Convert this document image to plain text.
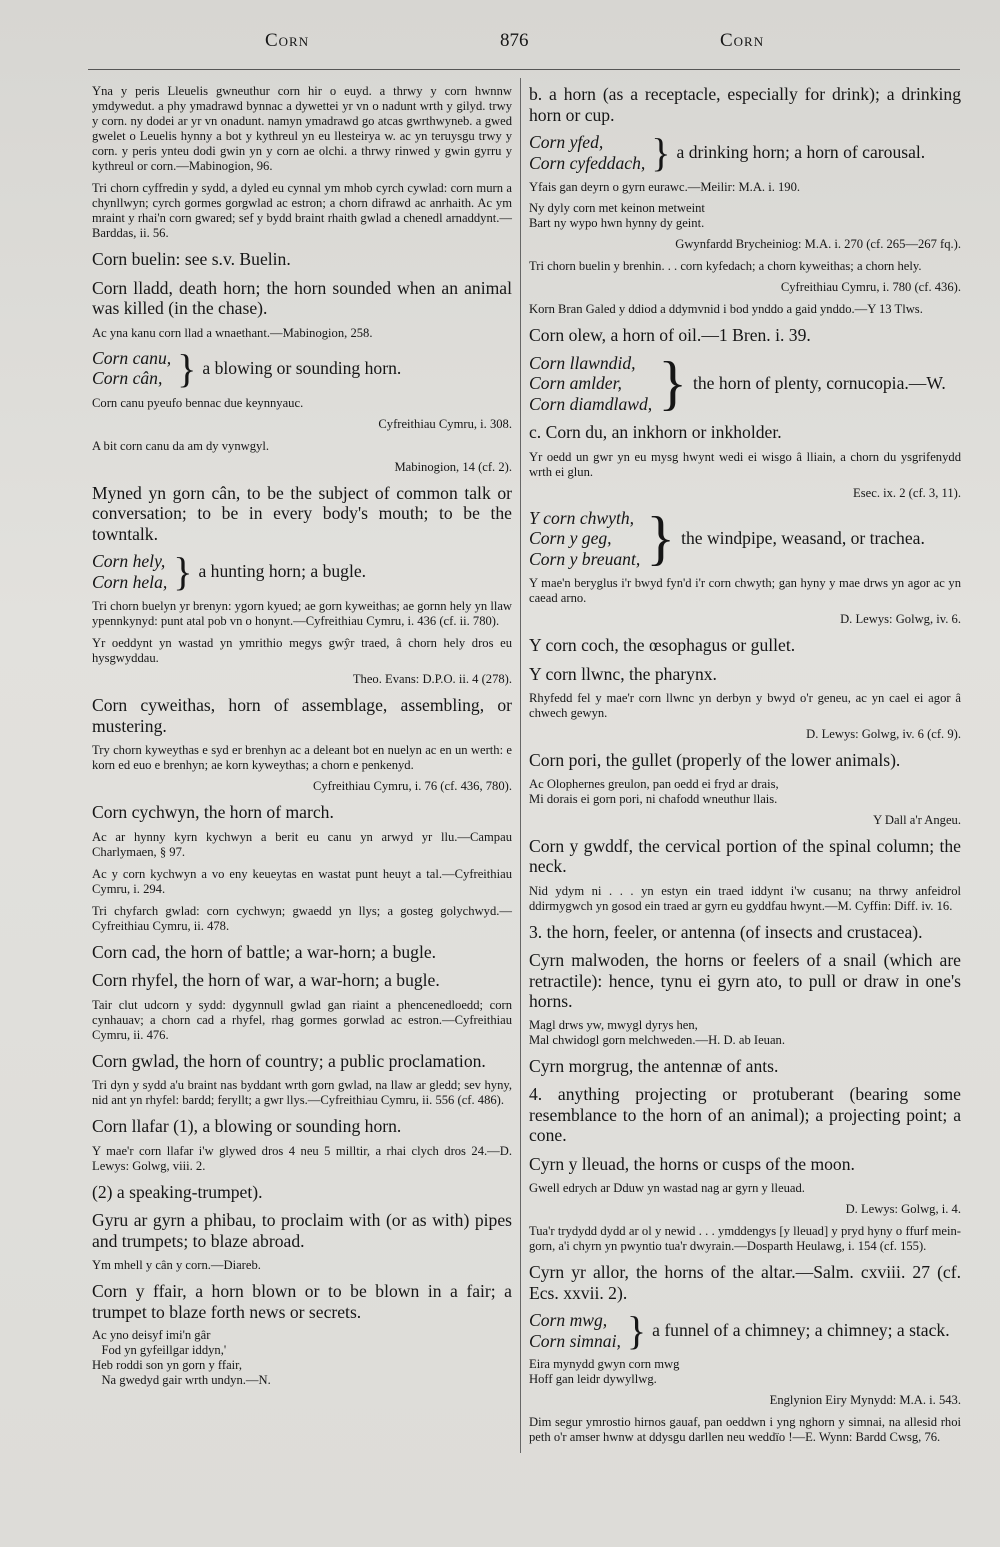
Corn	876	Corn
Yna y peris Lleuelis gwneuthur corn hir o euyd. a thrwy y corn hwnnw ymdywedut. a phy ymadrawd bynnac a dywettei yr vn o nadunt wrth y gilyd. trwy y corn. ny dodei ar yr vn onadunt. namyn ymadrawd go atcas gwrthwyneb. a gwed gwelet o Leuelis hynny a bot y kythreul yn eu llesteirya w. ac yn teruysgu trwy y corn. y peris ynteu dodi gwin yn y corn ae olchi. a thrwy rinwed y gwin gyrru y kythreul or corn.—Mabinogion, 96.
Tri chorn cyffredin y sydd, a dyled eu cynnal ym mhob cyrch cywlad: corn murn a chynllwyn; cyrch gormes gorgwlad ac estron; a chorn difrawd ac anrhaith. Ac ym mraint y rhai'n corn gwared; sef y bydd braint rhaith gwlad a chenedl arnaddynt.—Barddas, ii. 56.
Corn buelin: see s.v. Buelin.
Corn lladd, death horn; the horn sounded when an animal was killed (in the chase).
Ac yna kanu corn llad a wnaethant.—Mabinogion, 258.
Corn canu,
Corn cân, } a blowing or sounding horn.
Corn canu pyeufo bennac due keynnyauc.
Cyfreithiau Cymru, i. 308.
A bit corn canu da am dy vynwgyl.
Mabinogion, 14 (cf. 2).
Myned yn gorn cân, to be the subject of common talk or conversation; to be in every body's mouth; to be the towntalk.
Corn hely,
Corn hela, } a hunting horn; a bugle.
Tri chorn buelyn yr brenyn: ygorn kyued; ae gorn kyweithas; ae gornn hely yn llaw ypennkynyd: punt atal pob vn o honynt.—Cyfreithiau Cymru, i. 436 (cf. ii. 780).
Yr oeddynt yn wastad yn ymrithio megys gwŷr traed, â chorn hely dros eu hysgwyddau.
Theo. Evans: D.P.O. ii. 4 (278).
Corn cyweithas, horn of assemblage, assembling, or mustering.
Try chorn kyweythas e syd er brenhyn ac a deleant bot en nuelyn ac en un werth: e korn ed euo e brenhyn; ae korn kyweythas; a chorn e penkenyd.
Cyfreithiau Cymru, i. 76 (cf. 436, 780).
Corn cychwyn, the horn of march.
Ac ar hynny kyrn kychwyn a berit eu canu yn arwyd yr llu.—Campau Charlymaen, § 97.
Ac y corn kychwyn a vo eny keueytas en wastat punt heuyt a tal.—Cyfreithiau Cymru, i. 294.
Tri chyfarch gwlad: corn cychwyn; gwaedd yn llys; a gosteg golychwyd.—Cyfreithiau Cymru, ii. 478.
Corn cad, the horn of battle; a war-horn; a bugle.
Corn rhyfel, the horn of war, a war-horn; a bugle.
Tair clut udcorn y sydd: dygynnull gwlad gan riaint a phencenedloedd; corn cynhauav; a chorn cad a rhyfel, rhag gormes gorwlad ac estron.—Cyfreithiau Cymru, ii. 476.
Corn gwlad, the horn of country; a public proclamation.
Tri dyn y sydd a'u braint nas byddant wrth gorn gwlad, na llaw ar gledd; sev hyny, nid ant yn rhyfel: bardd; feryllt; a gwr llys.—Cyfreithiau Cymru, ii. 556 (cf. 486).
Corn llafar (1), a blowing or sounding horn.
Y mae'r corn llafar i'w glywed dros 4 neu 5 milltir, a rhai clych dros 24.—D. Lewys: Golwg, viii. 2.
(2) a speaking-trumpet).
Gyru ar gyrn a phibau, to proclaim with (or as with) pipes and trumpets; to blaze abroad.
Ym mhell y cân y corn.—Diareb.
Corn y ffair, a horn blown or to be blown in a fair; a trumpet to blaze forth news or secrets.
Ac yno deisyf imi'n gâr
Fod yn gyfeillgar iddyn,'
Heb roddi son yn gorn y ffair,
Na gwedyd gair wrth undyn.—N.
b. a horn (as a receptacle, especially for drink); a drinking horn or cup.
Corn yfed,
Corn cyfeddach, } a drinking horn; a horn of carousal.
Yfais gan deyrn o gyrn eurawc.—Meilir: M.A. i. 190.
Ny dyly corn met keinon metweint
Bart ny wypo hwn hynny dy geint.
Gwynfardd Brycheiniog: M.A. i. 270 (cf. 265—267 fq.).
Tri chorn buelin y brenhin. . . corn kyfedach; a chorn kyweithas; a chorn hely.
Cyfreithiau Cymru, i. 780 (cf. 436).
Korn Bran Galed y ddiod a ddymvnid i bod ynddo a gaid ynddo.—Y 13 Tlws.
Corn olew, a horn of oil.—1 Bren. i. 39.
Corn llawndid,
Corn amlder,
Corn diamdlawd, } the horn of plenty, cornucopia.—W.
c. Corn du, an inkhorn or inkholder.
Yr oedd un gwr yn eu mysg hwynt wedi ei wisgo â lliain, a chorn du ysgrifenydd wrth ei glun.
Esec. ix. 2 (cf. 3, 11).
Y corn chwyth,
Corn y geg,
Corn y breuant, } the windpipe, weasand, or trachea.
Y mae'n beryglus i'r bwyd fyn'd i'r corn chwyth; gan hyny y mae drws yn agor ac yn caead arno.
D. Lewys: Golwg, iv. 6.
Y corn coch, the œsophagus or gullet.
Y corn llwnc, the pharynx.
Rhyfedd fel y mae'r corn llwnc yn derbyn y bwyd o'r geneu, ac yn cael ei agor â chwech gewyn.
D. Lewys: Golwg, iv. 6 (cf. 9).
Corn pori, the gullet (properly of the lower animals).
Ac Olophernes greulon, pan oedd ei fryd ar drais,
Mi dorais ei gorn pori, ni chafodd wneuthur llais.
Y Dall a'r Angeu.
Corn y gwddf, the cervical portion of the spinal column; the neck.
Nid ydym ni . . . yn estyn ein traed iddynt i'w cusanu; na thrwy anfeidrol ddirmygwch yn gosod ein traed ar gyrn eu gyddfau hwynt.—M. Cyffin: Diff. iv. 16.
3. the horn, feeler, or antenna (of insects and crustacea).
Cyrn malwoden, the horns or feelers of a snail (which are retractile): hence, tynu ei gyrn ato, to pull or draw in one's horns.
Magl drws yw, mwygl dyrys hen,
Mal chwidogl gorn melchweden.—H. D. ab Ieuan.
Cyrn morgrug, the antennæ of ants.
4. anything projecting or protuberant (bearing some resemblance to the horn of an animal); a projecting point; a cone.
Cyrn y lleuad, the horns or cusps of the moon.
Gwell edrych ar Dduw yn wastad nag ar gyrn y lleuad.
D. Lewys: Golwg, i. 4.
Tua'r trydydd dydd ar ol y newid . . . ymddengys [y lleuad] y pryd hyny o ffurf mein-gorn, a'i chyrn yn pwyntio tua'r dwyrain.—Dosparth Heulawg, i. 154 (cf. 155).
Cyrn yr allor, the horns of the altar.—Salm. cxviii. 27 (cf. Ecs. xxvii. 2).
Corn mwg,
Corn simnai, } a funnel of a chimney; a chimney; a stack.
Eira mynydd gwyn corn mwg
Hoff gan leidr dywyllwg.
Englynion Eiry Mynydd: M.A. i. 543.
Dim segur ymrostio hirnos gauaf, pan oeddwn i yng nghorn y simnai, na allesid rhoi peth o'r amser hwnw at ddysgu darllen neu weddïo !—E. Wynn: Bardd Cwsg, 76.
